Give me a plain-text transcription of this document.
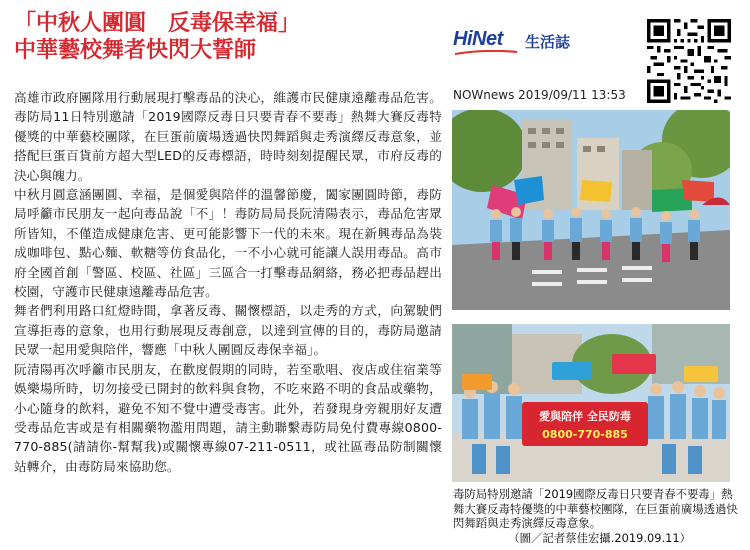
「中秋人團圓　反毒保幸福」
中華藝校舞者快閃大誓師	HiNet 生活誌
NOWnews 2019/09/11 13:53

高雄市政府團隊用行動展現打擊毒品的決心，維護市民健康遠離毒品危害。毒防局11日特別邀請「2019國際反毒日只要青春不要毒」熱舞大賽反毒特優獎的中華藝校團隊，在巨蛋前廣場透過快閃舞蹈與走秀演繹反毒意象，並搭配巨蛋百貨前方超大型LED的反毒標語，時時刻刻提醒民眾，市府反毒的決心與魄力。

中秋月圓意涵團圓、幸福，是個愛與陪伴的溫馨節慶，闔家團圓時節，毒防局呼籲市民朋友一起向毒品說「不」！毒防局局長阮清陽表示，毒品危害眾所皆知，不僅造成健康危害、更可能影響下一代的未來。現在新興毒品為裝成咖啡包、點心麵、軟糖等仿食品化，一不小心就可能讓人誤用毒品。高市府全國首創「警區、校區、社區」三區合一打擊毒品網絡，務必把毒品趕出校園，守護市民健康遠離毒品危害。

舞者們利用路口紅燈時間，拿著反毒、關懷標語，以走秀的方式，向駕駛們宣導拒毒的意象，也用行動展現反毒創意，以達到宣傳的目的，毒防局邀請民眾一起用愛與陪伴，響應「中秋人團圓反毒保幸福」。

阮清陽再次呼籲市民朋友，在歡度假期的同時，若至歌唱、夜店或住宿業等娛樂場所時，切勿接受已開封的飲料與食物，不吃來路不明的食品或藥物，小心隨身的飲料，避免不知不覺中遭受毒害。此外，若發現身旁親朋好友遭受毒品危害或是有相關藥物濫用問題，請主動聯繫毒防局免付費專線0800-770-885(請請你-幫幫我)或關懷專線07-211-0511，或社區毒品防制關懷站轉介，由毒防局來協助您。

愛與陪伴 全民防毒
0800-770-885
毒防局特別邀請「2019國際反毒日只要青春不要毒」熱舞大賽反毒特優獎的中華藝校團隊，在巨蛋前廣場透過快閃舞蹈與走秀演繹反毒意象。
（圖／記者蔡佳宏攝.2019.09.11）
